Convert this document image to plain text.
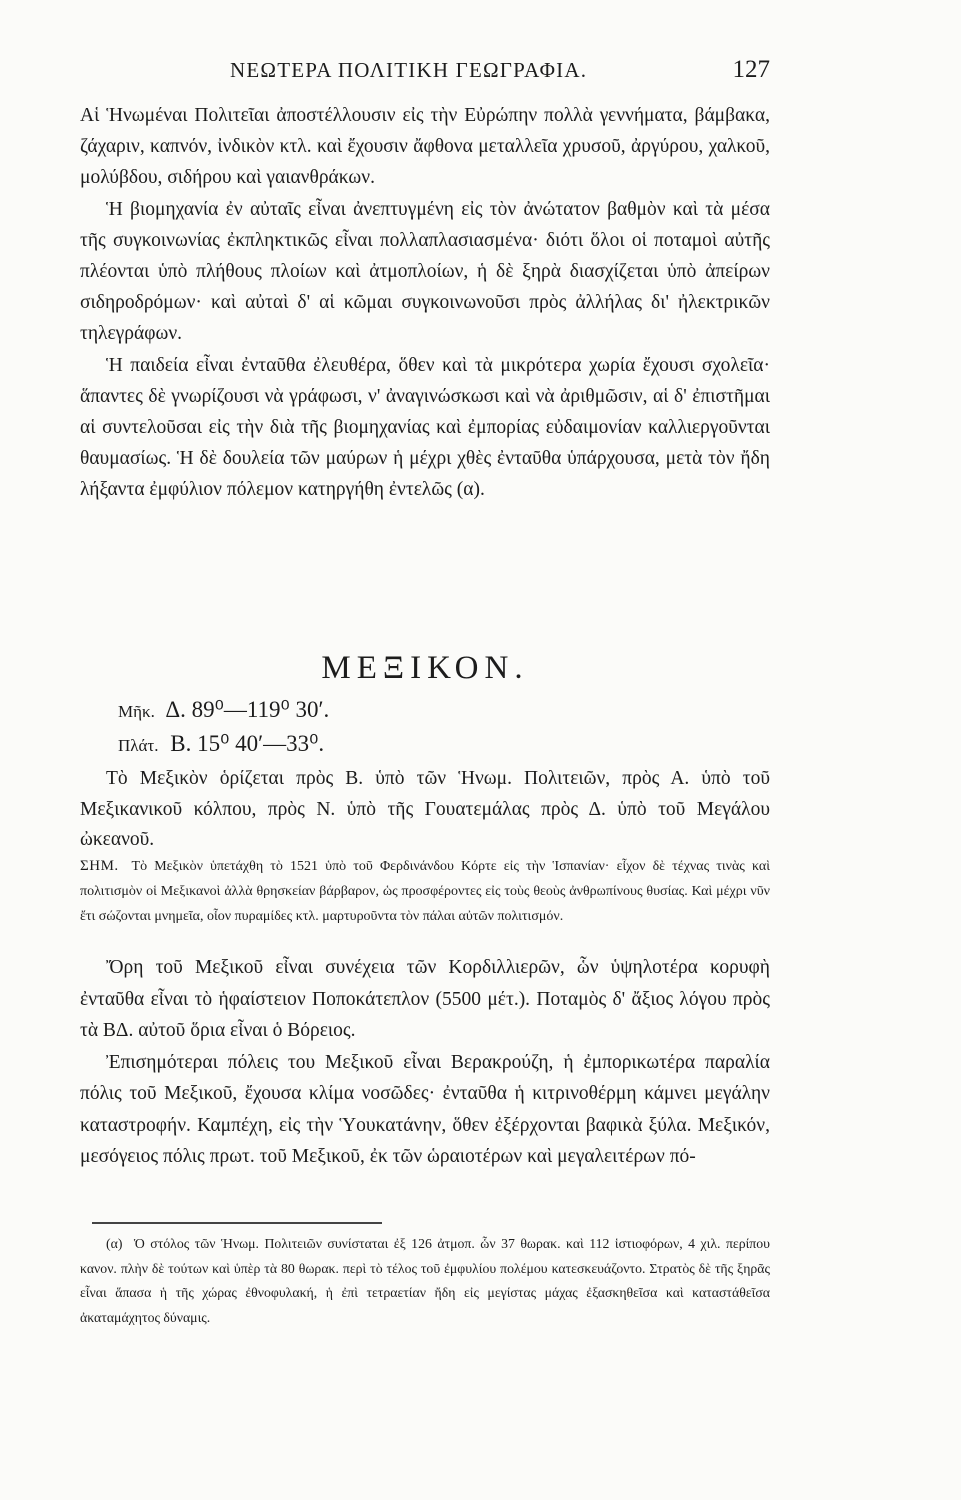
ΝΕΩΤΕΡΑ ΠΟΛΙΤΙΚΗ ΓΕΩΓΡΑΦΙΑ.	127

Αἱ Ἡνωμέναι Πολιτεῖαι ἀποστέλλουσιν εἰς τὴν Εὐρώπην πολλὰ γεννήματα, βάμβακα, ζάχαριν, καπνόν, ἰνδικὸν κτλ. καὶ ἔχουσιν ἄφθονα μεταλλεῖα χρυσοῦ, ἀργύρου, χαλκοῦ, μολύβδου, σιδήρου καὶ γαιανθράκων.

Ἡ βιομηχανία ἐν αὐταῖς εἶναι ἀνεπτυγμένη εἰς τὸν ἀνώτατον βαθμὸν καὶ τὰ μέσα τῆς συγκοινωνίας ἐκπληκτικῶς εἶναι πολλαπλασιασμένα· διότι ὅλοι οἱ ποταμοὶ αὐτῆς πλέονται ὑπὸ πλήθους πλοίων καὶ ἀτμοπλοίων, ἡ δὲ ξηρὰ διασχίζεται ὑπὸ ἀπείρων σιδηροδρόμων· καὶ αὐταὶ δ' αἱ κῶμαι συγκοινωνοῦσι πρὸς ἀλλήλας δι' ἠλεκτρικῶν τηλεγράφων.

Ἡ παιδεία εἶναι ἐνταῦθα ἐλευθέρα, ὅθεν καὶ τὰ μικρότερα χωρία ἔχουσι σχολεῖα· ἅπαντες δὲ γνωρίζουσι νὰ γράφωσι, ν' ἀναγινώσκωσι καὶ νὰ ἀριθμῶσιν, αἱ δ' ἐπιστῆμαι αἱ συντελοῦσαι εἰς τὴν διὰ τῆς βιομηχανίας καὶ ἐμπορίας εὐδαιμονίαν καλλιεργοῦνται θαυμασίως. Ἡ δὲ δουλεία τῶν μαύρων ἡ μέχρι χθὲς ἐνταῦθα ὑπάρχουσα, μετὰ τὸν ἤδη λήξαντα ἐμφύλιον πόλεμον κατηργήθη ἐντελῶς (α).

ΜΕΞΙΚΟΝ.
Μῆκ. Δ. 89⁰—119⁰ 30′.
Πλάτ. Β. 15⁰ 40′—33⁰.

Τὸ Μεξικὸν ὁρίζεται πρὸς Β. ὑπὸ τῶν Ἡνωμ. Πολιτειῶν, πρὸς Α. ὑπὸ τοῦ Μεξικανικοῦ κόλπου, πρὸς Ν. ὑπὸ τῆς Γουατεμάλας πρὸς Δ. ὑπὸ τοῦ Μεγάλου ὠκεανοῦ.

ΣΗΜ. Τὸ Μεξικὸν ὑπετάχθη τὸ 1521 ὑπὸ τοῦ Φερδινάνδου Κόρτε εἰς τὴν Ἱσπανίαν· εἶχον δὲ τέχνας τινὰς καὶ πολιτισμὸν οἱ Μεξικανοὶ ἀλλὰ θρησκείαν βάρβαρον, ὡς προσφέροντες εἰς τοὺς θεοὺς ἀνθρωπίνους θυσίας. Καὶ μέχρι νῦν ἔτι σώζονται μνημεῖα, οἷον πυραμίδες κτλ. μαρτυροῦντα τὸν πάλαι αὐτῶν πολιτισμόν.

Ὄρη τοῦ Μεξικοῦ εἶναι συνέχεια τῶν Κορδιλλιερῶν, ὧν ὑψηλοτέρα κορυφὴ ἐνταῦθα εἶναι τὸ ἡφαίστειον Ποποκάτεπλον (5500 μέτ.). Ποταμὸς δ' ἄξιος λόγου πρὸς τὰ ΒΔ. αὐτοῦ ὅρια εἶναι ὁ Βόρειος.

Ἐπισημότεραι πόλεις του Μεξικοῦ εἶναι Βερακρούζη, ἡ ἐμπορικωτέρα παραλία πόλις τοῦ Μεξικοῦ, ἔχουσα κλίμα νοσῶδες· ἐνταῦθα ἡ κιτρινοθέρμη κάμνει μεγάλην καταστροφήν. Καμπέχη, εἰς τὴν Ὑουκατάνην, ὅθεν ἐξέρχονται βαφικὰ ξύλα. Μεξικόν, μεσόγειος πόλις πρωτ. τοῦ Μεξικοῦ, ἐκ τῶν ὡραιοτέρων καὶ μεγαλειτέρων πό-

(α) Ὁ στόλος τῶν Ἡνωμ. Πολιτειῶν συνίσταται ἐξ 126 ἀτμοπ. ὧν 37 θωρακ. καὶ 112 ἱστιοφόρων, 4 χιλ. περίπου κανον. πλὴν δὲ τούτων καὶ ὑπὲρ τὰ 80 θωρακ. περὶ τὸ τέλος τοῦ ἐμφυλίου πολέμου κατεσκευάζοντο. Στρατὸς δὲ τῆς ξηρᾶς εἶναι ἅπασα ἡ τῆς χώρας ἐθνοφυλακή, ἡ ἐπὶ τετραετίαν ἤδη εἰς μεγίστας μάχας ἐξασκηθεῖσα καὶ καταστάθεῖσα ἀκαταμάχητος δύναμις.
